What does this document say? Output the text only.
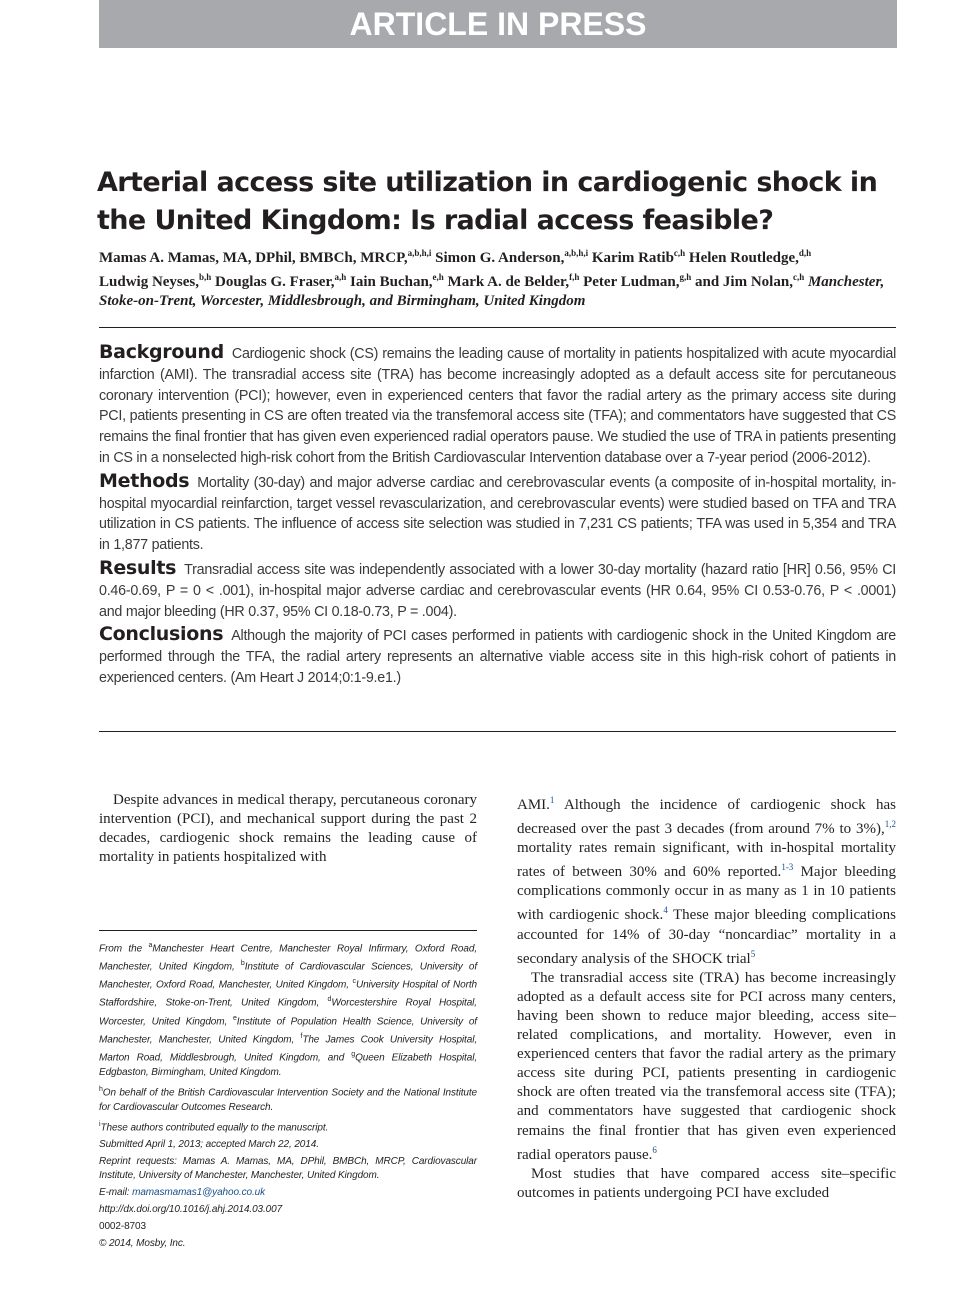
ARTICLE IN PRESS
Arterial access site utilization in cardiogenic shock in the United Kingdom: Is radial access feasible?
Mamas A. Mamas, MA, DPhil, BMBCh, MRCP,$^{a,b,h,i}$ Simon G. Anderson,$^{a,b,h,i}$ Karim Ratib$^{c,h}$ Helen Routledge,$^{d,h}$
Ludwig Neyses,$^{b,h}$ Douglas G. Fraser,$^{a,h}$ Iain Buchan,$^{e,h}$ Mark A. de Belder,$^{f,h}$ Peter Ludman,$^{g,h}$ and Jim Nolan,$^{c,h}$ Manchester, Stoke-on-Trent, Worcester, Middlesbrough, and Birmingham, United Kingdom

Background Cardiogenic shock (CS) remains the leading cause of mortality in patients hospitalized with acute myocardial infarction (AMI). The transradial access site (TRA) has become increasingly adopted as a default access site for percutaneous coronary intervention (PCI); however, even in experienced centers that favor the radial artery as the primary access site during PCI, patients presenting in CS are often treated via the transfemoral access site (TFA); and commentators have suggested that CS remains the final frontier that has given even experienced radial operators pause. We studied the use of TRA in patients presenting in CS in a nonselected high-risk cohort from the British Cardiovascular Intervention database over a 7-year period (2006-2012).

Methods Mortality (30-day) and major adverse cardiac and cerebrovascular events (a composite of in-hospital mortality, in-hospital myocardial reinfarction, target vessel revascularization, and cerebrovascular events) were studied based on TFA and TRA utilization in CS patients. The influence of access site selection was studied in 7,231 CS patients; TFA was used in 5,354 and TRA in 1,877 patients.

Results Transradial access site was independently associated with a lower 30-day mortality (hazard ratio [HR] 0.56, 95% CI 0.46-0.69, P = 0 < .001), in-hospital major adverse cardiac and cerebrovascular events (HR 0.64, 95% CI 0.53-0.76, P < .0001) and major bleeding (HR 0.37, 95% CI 0.18-0.73, P = .004).

Conclusions Although the majority of PCI cases performed in patients with cardiogenic shock in the United Kingdom are performed through the TFA, the radial artery represents an alternative viable access site in this high-risk cohort of patients in experienced centers. (Am Heart J 2014;0:1-9.e1.)

Despite advances in medical therapy, percutaneous coronary intervention (PCI), and mechanical support during the past 2 decades, cardiogenic shock remains the leading cause of mortality in patients hospitalized with

From the $^a$Manchester Heart Centre, Manchester Royal Infirmary, Oxford Road, Manchester, United Kingdom, $^b$Institute of Cardiovascular Sciences, University of Manchester, Oxford Road, Manchester, United Kingdom, $^c$University Hospital of North Staffordshire, Stoke-on-Trent, United Kingdom, $^d$Worcestershire Royal Hospital, Worcester, United Kingdom, $^e$Institute of Population Health Science, University of Manchester, Manchester, United Kingdom, $^f$The James Cook University Hospital, Marton Road, Middlesbrough, United Kingdom, and $^g$Queen Elizabeth Hospital, Edgbaston, Birmingham, United Kingdom.

$^h$On behalf of the British Cardiovascular Intervention Society and the National Institute for Cardiovascular Outcomes Research.

$^i$These authors contributed equally to the manuscript.

Submitted April 1, 2013; accepted March 22, 2014.

Reprint requests: Mamas A. Mamas, MA, DPhil, BMBCh, MRCP, Cardiovascular Institute, University of Manchester, Manchester, United Kingdom.

E-mail: mamasmamas1@yahoo.co.uk

http://dx.doi.org/10.1016/j.ahj.2014.03.007

0002-8703

© 2014, Mosby, Inc.

AMI.$^1$ Although the incidence of cardiogenic shock has decreased over the past 3 decades (from around 7% to 3%),$^{1,2}$ mortality rates remain significant, with in-hospital mortality rates of between 30% and 60% reported.$^{1-3}$ Major bleeding complications commonly occur in as many as 1 in 10 patients with cardiogenic shock.$^4$ These major bleeding complications accounted for 14% of 30-day “noncardiac” mortality in a secondary analysis of the SHOCK trial$^5$

The transradial access site (TRA) has become increasingly adopted as a default access site for PCI across many centers, having been shown to reduce major bleeding, access site–related complications, and mortality. However, even in experienced centers that favor the radial artery as the primary access site during PCI, patients presenting in cardiogenic shock are often treated via the transfemoral access site (TFA); and commentators have suggested that cardiogenic shock remains the final frontier that has given even experienced radial operators pause.$^6$

Most studies that have compared access site–specific outcomes in patients undergoing PCI have excluded
